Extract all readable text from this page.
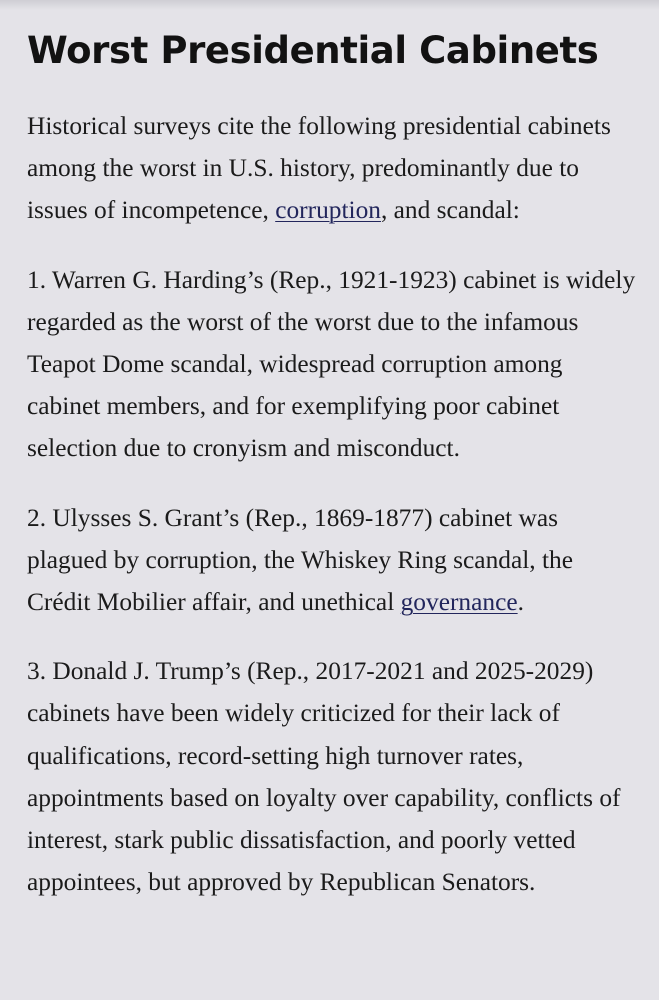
Worst Presidential Cabinets

Historical surveys cite the following presidential cabinets among the worst in U.S. history, predominantly due to issues of incompetence, corruption, and scandal:

1. Warren G. Harding’s (Rep., 1921-1923) cabinet is widely regarded as the worst of the worst due to the infamous Teapot Dome scandal, widespread corruption among cabinet members, and for exemplifying poor cabinet selection due to cronyism and misconduct.

2. Ulysses S. Grant’s (Rep., 1869-1877) cabinet was plagued by corruption, the Whiskey Ring scandal, the Crédit Mobilier affair, and unethical governance.

3. Donald J. Trump’s (Rep., 2017-2021 and 2025-2029) cabinets have been widely criticized for their lack of qualifications, record-setting high turnover rates, appointments based on loyalty over capability, conflicts of interest, stark public dissatisfaction, and poorly vetted appointees, but approved by Republican Senators.
